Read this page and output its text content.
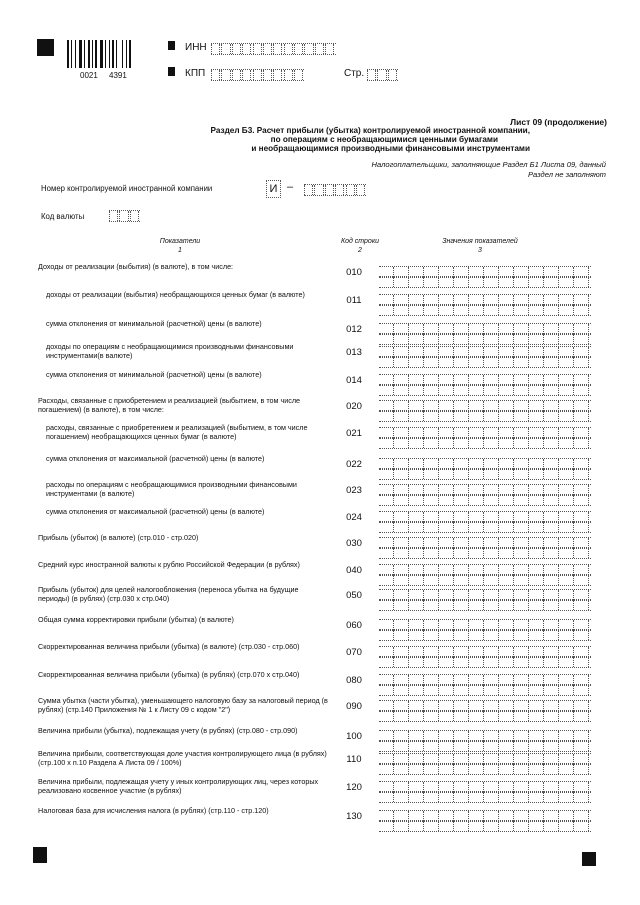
0021 4391
ИНН
КПП	Стр.
Лист 09 (продолжение)
Раздел Б3. Расчет прибыли (убытка) контролируемой иностранной компании,
по операциям с необращающимися ценными бумагами
и необращающимися производными финансовыми инструментами
Налогоплательщики, заполняющие Раздел Б1 Листа 09, данный
Раздел не заполняют
Номер контролируемой иностранной компании	И –
Код валюты
Показатели
1
Код строки
2
Значения показателей
3
Доходы от реализации (выбытия) (в валюте), в том числе:
010
доходы от реализации (выбытия) необращающихся ценных бумаг (в валюте)
011
сумма отклонения от минимальной (расчетной) цены (в валюте)
012
доходы по операциям с необращающимися производными финансовыми инструментами(в валюте)	013
сумма отклонения от минимальной (расчетной) цены (в валюте)
014
Расходы, связанные с приобретением и реализацией (выбытием, в том числе погашением) (в валюте), в том числе:	020
расходы, связанные с приобретением и реализацией (выбытием, в том числе погашением) необращающихся ценных бумаг (в валюте)	021
сумма отклонения от максимальной (расчетной) цены (в валюте)
022
расходы по операциям с необращающимися производными финансовыми инструментами (в валюте)	023
сумма отклонения от максимальной (расчетной) цены (в валюте)
024
Прибыль (убыток) (в валюте) (стр.010 - стр.020)
030
Средний курс иностранной валюты к рублю Российской Федерации (в рублях)
040
Прибыль (убыток) для целей налогообложения (переноса убытка на будущие периоды) (в рублях) (стр.030 х стр.040)	050
Общая сумма корректировки прибыли (убытка) (в валюте)
060
Скорректированная величина прибыли (убытка) (в валюте) (стр.030 - стр.060)
070
Скорректированная величина прибыли (убытка) (в рублях) (стр.070 х стр.040)
080
Сумма убытка (части убытка), уменьшающего налоговую базу за налоговый период (в рублях) (стр.140 Приложения № 1 к Листу 09 с кодом "2")	090
Величина прибыли (убытка), подлежащая учету (в рублях) (стр.080 - стр.090)
100
Величина прибыли, соответствующая доле участия контролирующего лица (в рублях) (стр.100 х п.10 Раздела А Листа 09 / 100%)	110
Величина прибыли, подлежащая учету у иных контролирующих лиц, через которых реализовано косвенное участие (в рублях)	120
Налоговая база для исчисления налога (в рублях) (стр.110 - стр.120)
130
